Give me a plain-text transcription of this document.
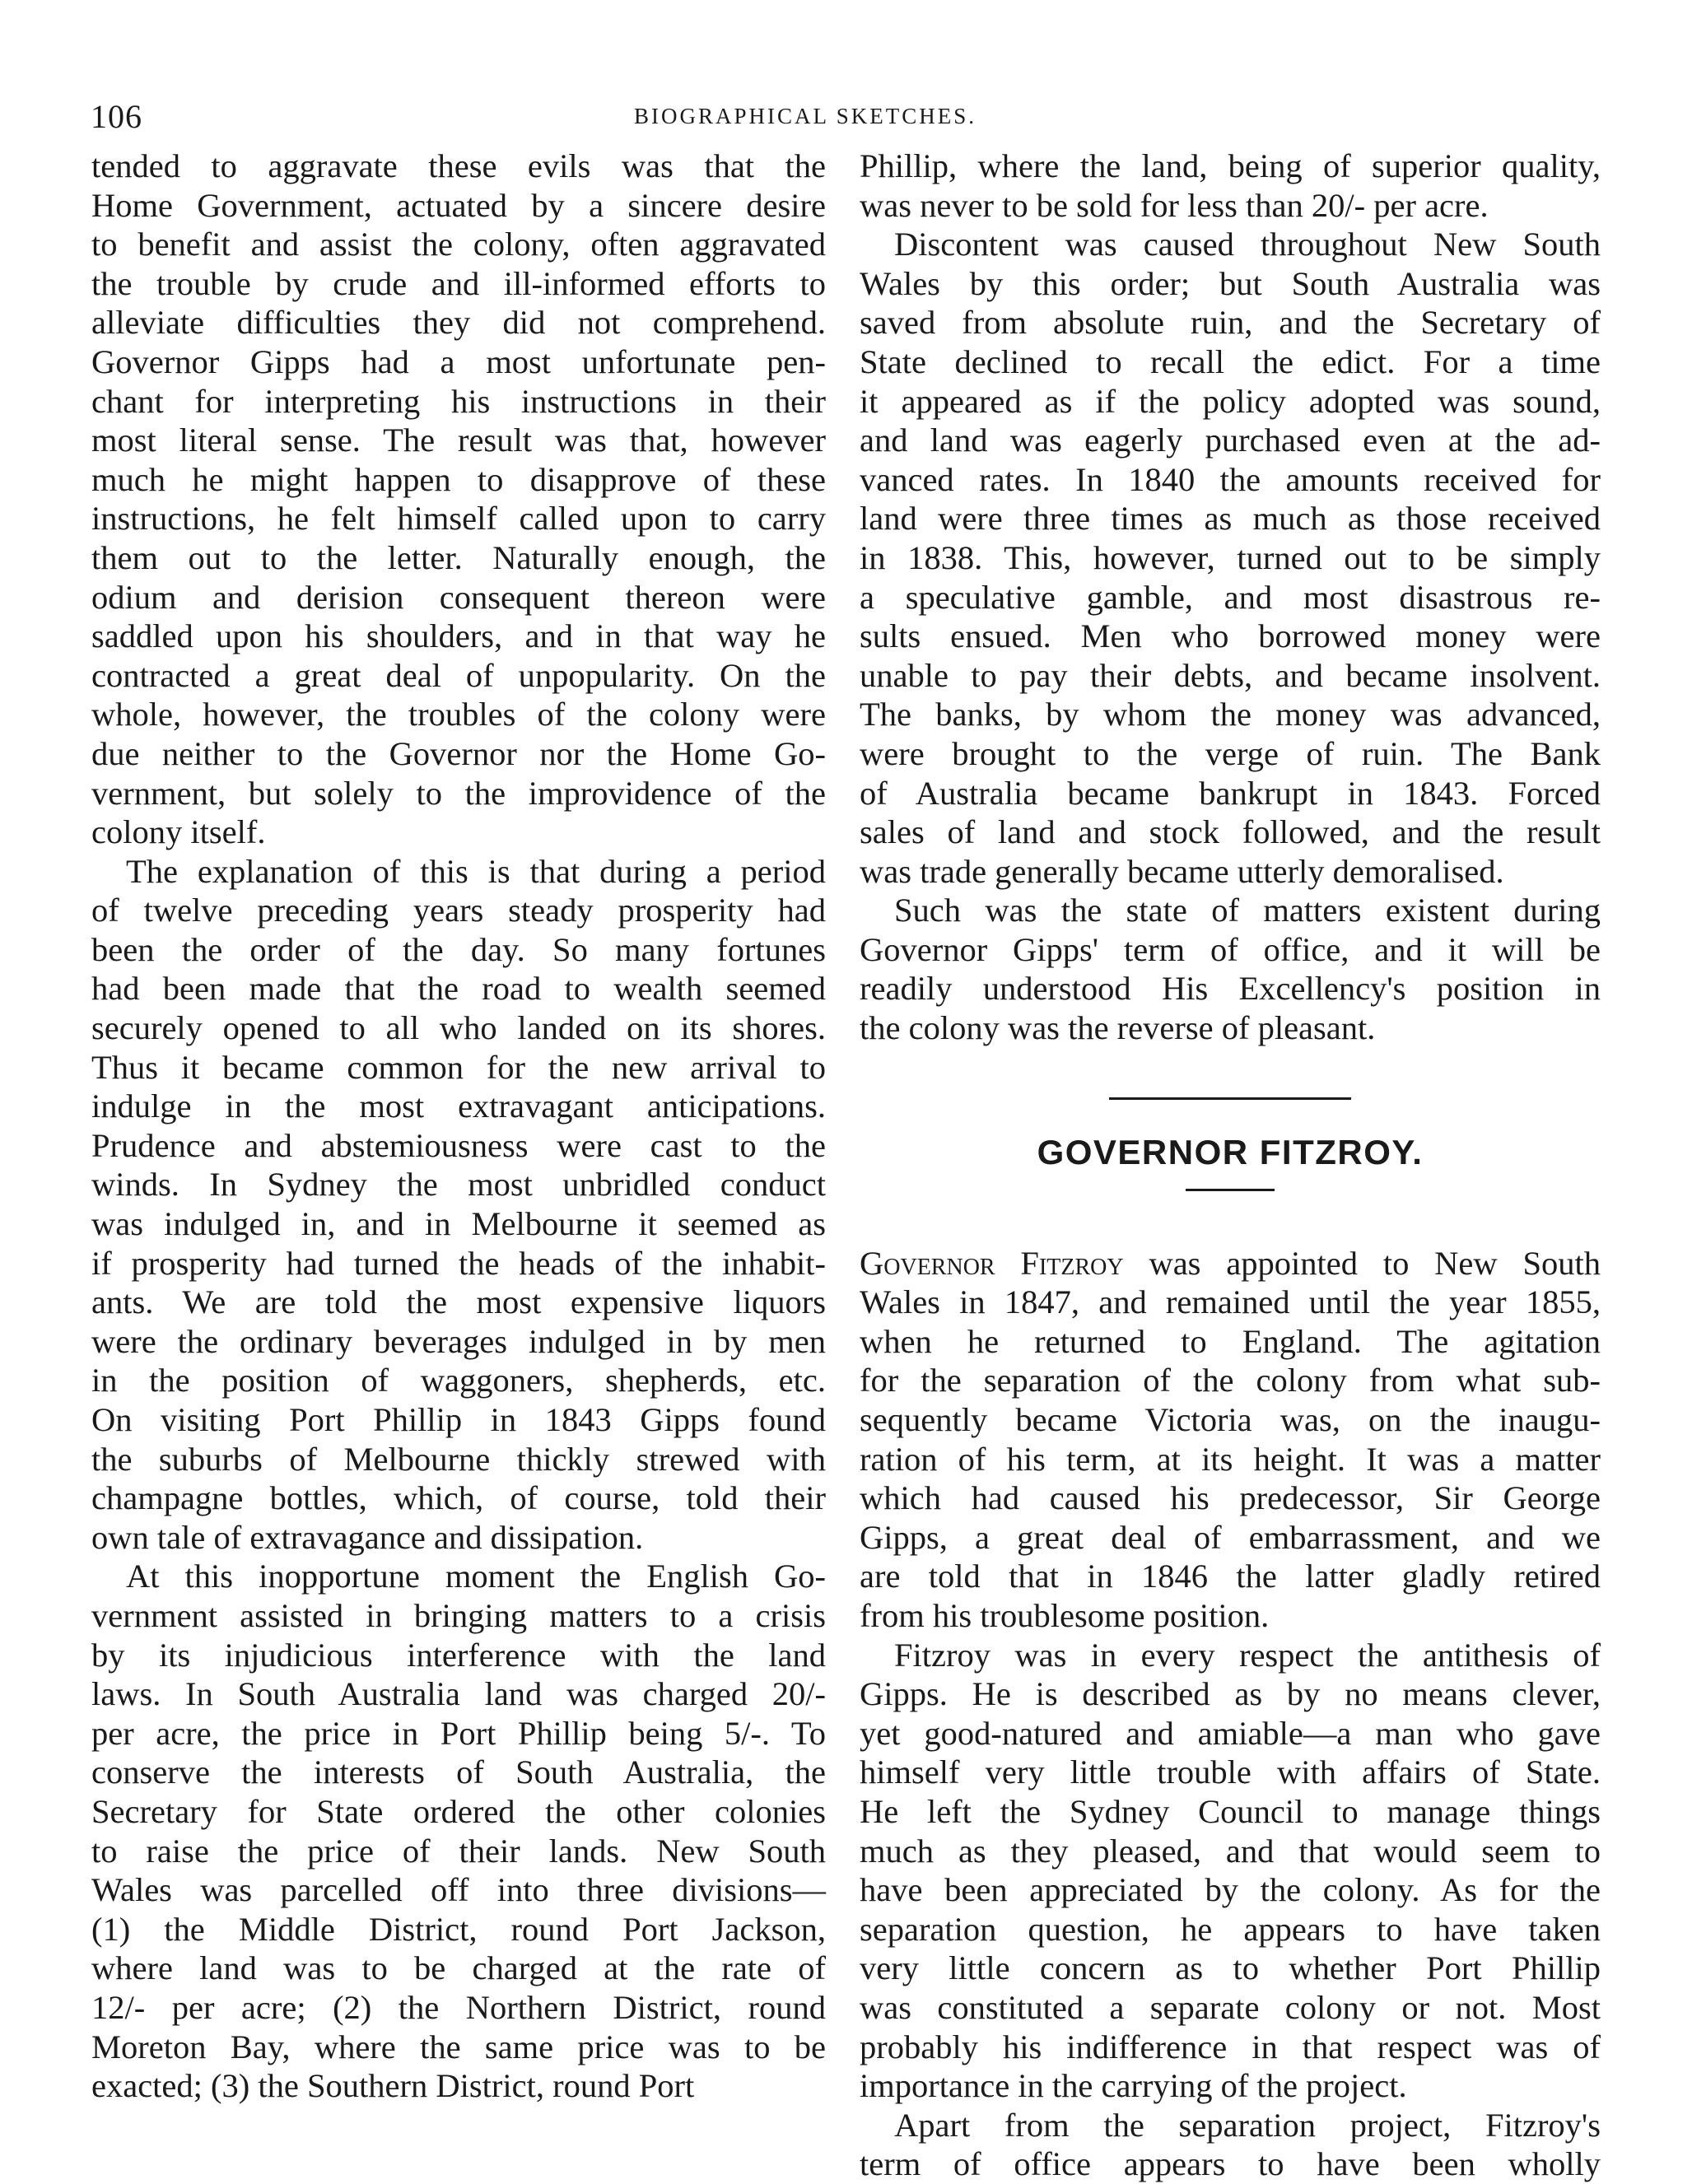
106	BIOGRAPHICAL SKETCHES.
tended to aggravate these evils was that the
Home Government, actuated by a sincere desire
to benefit and assist the colony, often aggravated
the trouble by crude and ill-informed efforts to
alleviate difficulties they did not comprehend.
Governor Gipps had a most unfortunate pen-
chant for interpreting his instructions in their
most literal sense. The result was that, however
much he might happen to disapprove of these
instructions, he felt himself called upon to carry
them out to the letter. Naturally enough, the
odium and derision consequent thereon were
saddled upon his shoulders, and in that way he
contracted a great deal of unpopularity. On the
whole, however, the troubles of the colony were
due neither to the Governor nor the Home Go-
vernment, but solely to the improvidence of the
colony itself.
The explanation of this is that during a period
of twelve preceding years steady prosperity had
been the order of the day. So many fortunes
had been made that the road to wealth seemed
securely opened to all who landed on its shores.
Thus it became common for the new arrival to
indulge in the most extravagant anticipations.
Prudence and abstemiousness were cast to the
winds. In Sydney the most unbridled conduct
was indulged in, and in Melbourne it seemed as
if prosperity had turned the heads of the inhabit-
ants. We are told the most expensive liquors
were the ordinary beverages indulged in by men
in the position of waggoners, shepherds, etc.
On visiting Port Phillip in 1843 Gipps found
the suburbs of Melbourne thickly strewed with
champagne bottles, which, of course, told their
own tale of extravagance and dissipation.
At this inopportune moment the English Go-
vernment assisted in bringing matters to a crisis
by its injudicious interference with the land
laws. In South Australia land was charged 20/-
per acre, the price in Port Phillip being 5/-. To
conserve the interests of South Australia, the
Secretary for State ordered the other colonies
to raise the price of their lands. New South
Wales was parcelled off into three divisions—
(1) the Middle District, round Port Jackson,
where land was to be charged at the rate of
12/- per acre; (2) the Northern District, round
Moreton Bay, where the same price was to be
exacted; (3) the Southern District, round Port
Phillip, where the land, being of superior quality,
was never to be sold for less than 20/- per acre.
Discontent was caused throughout New South
Wales by this order; but South Australia was
saved from absolute ruin, and the Secretary of
State declined to recall the edict. For a time
it appeared as if the policy adopted was sound,
and land was eagerly purchased even at the ad-
vanced rates. In 1840 the amounts received for
land were three times as much as those received
in 1838. This, however, turned out to be simply
a speculative gamble, and most disastrous re-
sults ensued. Men who borrowed money were
unable to pay their debts, and became insolvent.
The banks, by whom the money was advanced,
were brought to the verge of ruin. The Bank
of Australia became bankrupt in 1843. Forced
sales of land and stock followed, and the result
was trade generally became utterly demoralised.
Such was the state of matters existent during
Governor Gipps' term of office, and it will be
readily understood His Excellency's position in
the colony was the reverse of pleasant.
GOVERNOR FITZROY.
Governor Fitzroy was appointed to New South
Wales in 1847, and remained until the year 1855,
when he returned to England. The agitation
for the separation of the colony from what sub-
sequently became Victoria was, on the inaugu-
ration of his term, at its height. It was a matter
which had caused his predecessor, Sir George
Gipps, a great deal of embarrassment, and we
are told that in 1846 the latter gladly retired
from his troublesome position.
Fitzroy was in every respect the antithesis of
Gipps. He is described as by no means clever,
yet good-natured and amiable—a man who gave
himself very little trouble with affairs of State.
He left the Sydney Council to manage things
much as they pleased, and that would seem to
have been appreciated by the colony. As for the
separation question, he appears to have taken
very little concern as to whether Port Phillip
was constituted a separate colony or not. Most
probably his indifference in that respect was of
importance in the carrying of the project.
Apart from the separation project, Fitzroy's
term of office appears to have been wholly
